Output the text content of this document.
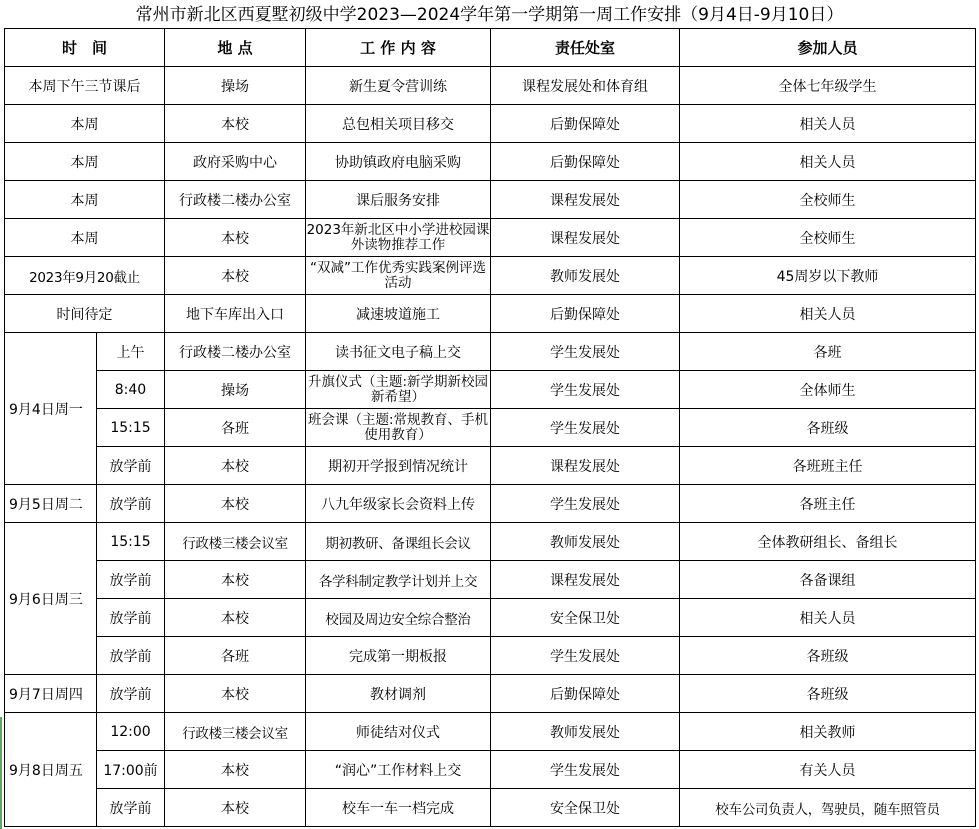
常州市新北区西夏墅初级中学2023—2024学年第一学期第一周工作安排（9月4日-9月10日）
时　间		地 点	工 作 内 容	责任处室	参加人员
本周下午三节课后		操场	新生夏令营训练	课程发展处和体育组	全体七年级学生
本周		本校	总包相关项目移交	后勤保障处	相关人员
本周		政府采购中心	协助镇政府电脑采购	后勤保障处	相关人员
本周		行政楼二楼办公室	课后服务安排	课程发展处	全校师生
本周		本校	2023年新北区中小学进校园课外读物推荐工作	课程发展处	全校师生
2023年9月20截止		本校	“双减”工作优秀实践案例评选活动	教师发展处	45周岁以下教师
时间待定		地下车库出入口	减速坡道施工	后勤保障处	相关人员
9月4日周一	上午	行政楼二楼办公室	读书征文电子稿上交	学生发展处	各班
	8:40	操场	升旗仪式（主题:新学期新校园　新希望）	学生发展处	全体师生
	15:15	各班	班会课（主题:常规教育、手机使用教育）	学生发展处	各班级
	放学前	本校	期初开学报到情况统计	课程发展处	各班班主任
9月5日周二	放学前	本校	八九年级家长会资料上传	学生发展处	各班主任
9月6日周三	15:15	行政楼三楼会议室	期初教研、备课组长会议	教师发展处	全体教研组长、备组长
	放学前	本校	各学科制定教学计划并上交	课程发展处	各备课组
	放学前	本校	校园及周边安全综合整治	安全保卫处	相关人员
	放学前	各班	完成第一期板报	学生发展处	各班级
9月7日周四	放学前	本校	教材调剂	后勤保障处	各班级
9月8日周五	12:00	行政楼三楼会议室	师徒结对仪式	教师发展处	相关教师
	17:00前	本校	“润心”工作材料上交	学生发展处	有关人员
	放学前	本校	校车一车一档完成	安全保卫处	校车公司负责人，驾驶员，随车照管员
